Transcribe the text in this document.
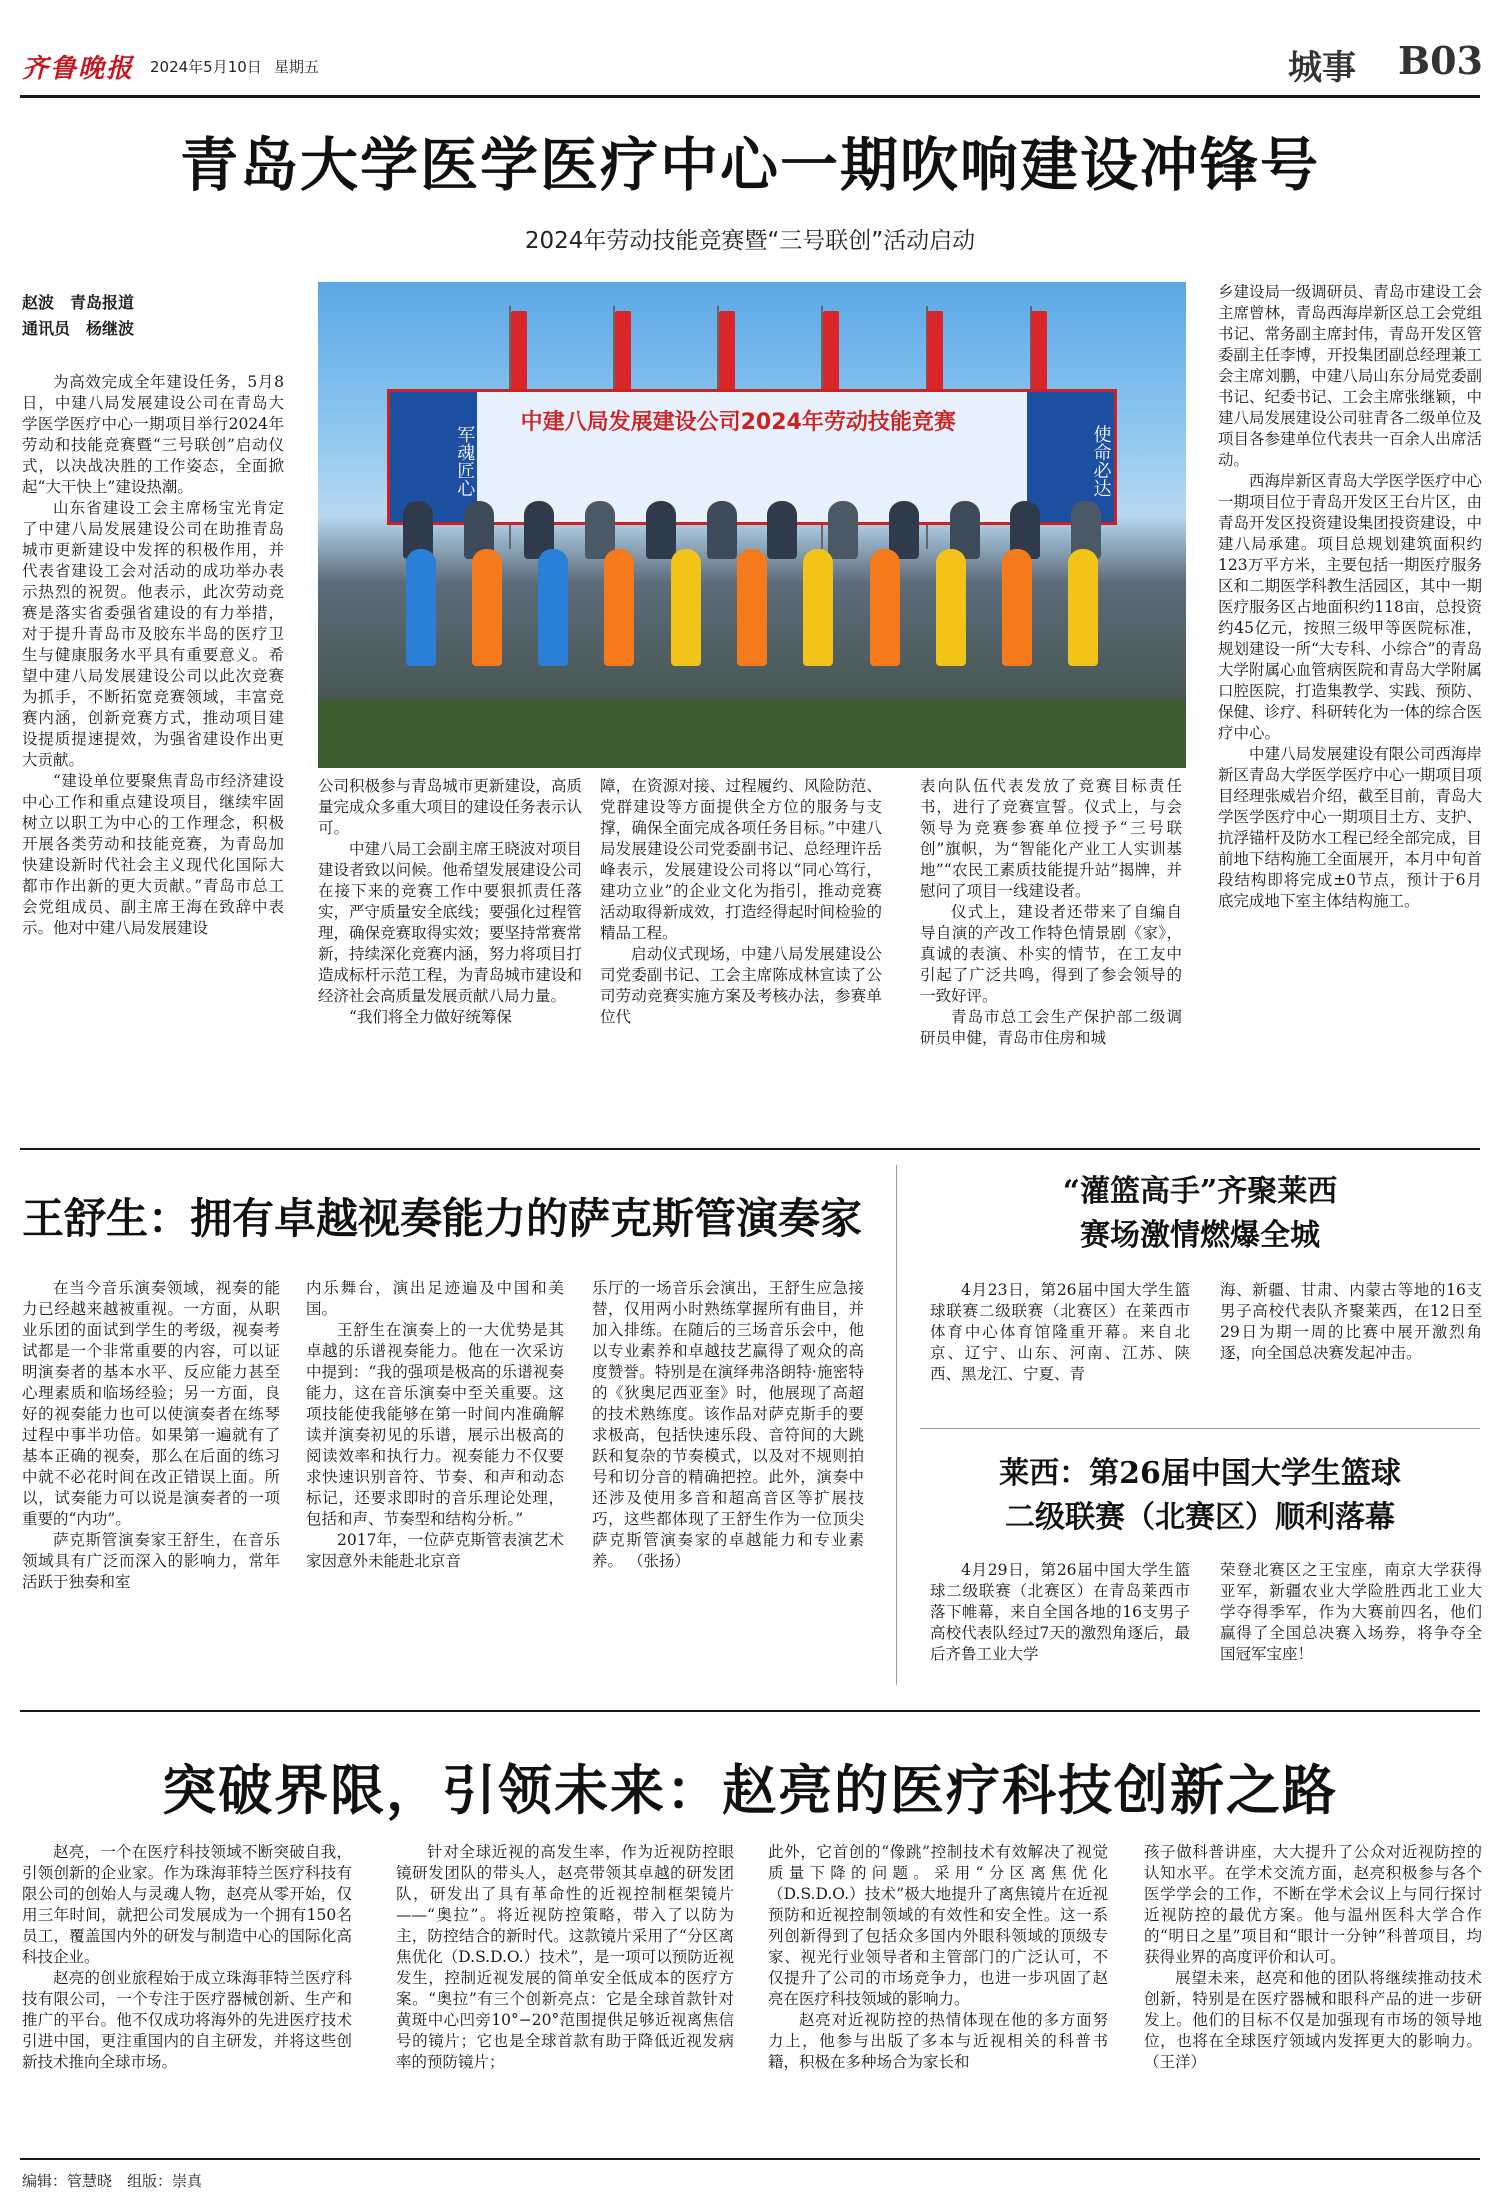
齐鲁晚报 2024年5月10日 星期五	城事 B03
青岛大学医学医疗中心一期吹响建设冲锋号
2024年劳动技能竞赛暨“三号联创”活动启动
赵波　青岛报道
通讯员　杨继波
军魂匠心
中建八局发展建设公司2024年劳动技能竞赛
使命必达

为高效完成全年建设任务，5月8日，中建八局发展建设公司在青岛大学医学医疗中心一期项目举行2024年劳动和技能竞赛暨“三号联创”启动仪式，以决战决胜的工作姿态，全面掀起“大干快上”建设热潮。

山东省建设工会主席杨宝光肯定了中建八局发展建设公司在助推青岛城市更新建设中发挥的积极作用，并代表省建设工会对活动的成功举办表示热烈的祝贺。他表示，此次劳动竞赛是落实省委强省建设的有力举措，对于提升青岛市及胶东半岛的医疗卫生与健康服务水平具有重要意义。希望中建八局发展建设公司以此次竞赛为抓手，不断拓宽竞赛领域，丰富竞赛内涵，创新竞赛方式，推动项目建设提质提速提效，为强省建设作出更大贡献。

“建设单位要聚焦青岛市经济建设中心工作和重点建设项目，继续牢固树立以职工为中心的工作理念，积极开展各类劳动和技能竞赛，为青岛加快建设新时代社会主义现代化国际大都市作出新的更大贡献。”青岛市总工会党组成员、副主席王海在致辞中表示。他对中建八局发展建设

公司积极参与青岛城市更新建设，高质量完成众多重大项目的建设任务表示认可。

中建八局工会副主席王晓波对项目建设者致以问候。他希望发展建设公司在接下来的竞赛工作中要狠抓责任落实，严守质量安全底线；要强化过程管理，确保竞赛取得实效；要坚持常赛常新，持续深化竞赛内涵，努力将项目打造成标杆示范工程，为青岛城市建设和经济社会高质量发展贡献八局力量。

“我们将全力做好统筹保

障，在资源对接、过程履约、风险防范、党群建设等方面提供全方位的服务与支撑，确保全面完成各项任务目标。”中建八局发展建设公司党委副书记、总经理许岳峰表示，发展建设公司将以“同心笃行，建功立业”的企业文化为指引，推动竞赛活动取得新成效，打造经得起时间检验的精品工程。

启动仪式现场，中建八局发展建设公司党委副书记、工会主席陈成林宣读了公司劳动竞赛实施方案及考核办法，参赛单位代

表向队伍代表发放了竞赛目标责任书，进行了竞赛宣誓。仪式上，与会领导为竞赛参赛单位授予“三号联创”旗帜，为“智能化产业工人实训基地”“农民工素质技能提升站”揭牌，并慰问了项目一线建设者。

仪式上，建设者还带来了自编自导自演的产改工作特色情景剧《家》，真诚的表演、朴实的情节，在工友中引起了广泛共鸣，得到了参会领导的一致好评。

青岛市总工会生产保护部二级调研员申健，青岛市住房和城

乡建设局一级调研员、青岛市建设工会主席曾林，青岛西海岸新区总工会党组书记、常务副主席封伟，青岛开发区管委副主任李博，开投集团副总经理兼工会主席刘鹏，中建八局山东分局党委副书记、纪委书记、工会主席张继颖，中建八局发展建设公司驻青各二级单位及项目各参建单位代表共一百余人出席活动。

西海岸新区青岛大学医学医疗中心一期项目位于青岛开发区王台片区，由青岛开发区投资建设集团投资建设，中建八局承建。项目总规划建筑面积约123万平方米，主要包括一期医疗服务区和二期医学科教生活园区，其中一期医疗服务区占地面积约118亩，总投资约45亿元，按照三级甲等医院标准，规划建设一所“大专科、小综合”的青岛大学附属心血管病医院和青岛大学附属口腔医院，打造集教学、实践、预防、保健、诊疗、科研转化为一体的综合医疗中心。

中建八局发展建设有限公司西海岸新区青岛大学医学医疗中心一期项目项目经理张威岩介绍，截至目前，青岛大学医学医疗中心一期项目土方、支护、抗浮锚杆及防水工程已经全部完成，目前地下结构施工全面展开，本月中旬首段结构即将完成±0节点，预计于6月底完成地下室主体结构施工。

王舒生：拥有卓越视奏能力的萨克斯管演奏家

在当今音乐演奏领域，视奏的能力已经越来越被重视。一方面，从职业乐团的面试到学生的考级，视奏考试都是一个非常重要的内容，可以证明演奏者的基本水平、反应能力甚至心理素质和临场经验；另一方面，良好的视奏能力也可以使演奏者在练琴过程中事半功倍。如果第一遍就有了基本正确的视奏，那么在后面的练习中就不必花时间在改正错误上面。所以，试奏能力可以说是演奏者的一项重要的“内功”。

萨克斯管演奏家王舒生，在音乐领域具有广泛而深入的影响力，常年活跃于独奏和室

内乐舞台，演出足迹遍及中国和美国。

王舒生在演奏上的一大优势是其卓越的乐谱视奏能力。他在一次采访中提到：“我的强项是极高的乐谱视奏能力，这在音乐演奏中至关重要。这项技能使我能够在第一时间内准确解读并演奏初见的乐谱，展示出极高的阅读效率和执行力。视奏能力不仅要求快速识别音符、节奏、和声和动态标记，还要求即时的音乐理论处理，包括和声、节奏型和结构分析。”

2017年，一位萨克斯管表演艺术家因意外未能赴北京音

乐厅的一场音乐会演出，王舒生应急接替，仅用两小时熟练掌握所有曲目，并加入排练。在随后的三场音乐会中，他以专业素养和卓越技艺赢得了观众的高度赞誉。特别是在演绎弗洛朗特·施密特的《狄奥尼西亚奎》时，他展现了高超的技术熟练度。该作品对萨克斯手的要求极高，包括快速乐段、音符间的大跳跃和复杂的节奏模式，以及对不规则拍号和切分音的精确把控。此外，演奏中还涉及使用多音和超高音区等扩展技巧，这些都体现了王舒生作为一位顶尖萨克斯管演奏家的卓越能力和专业素养。 （张扬）

“灌篮高手”齐聚莱西
赛场激情燃爆全城

4月23日，第26届中国大学生篮球联赛二级联赛（北赛区）在莱西市体育中心体育馆隆重开幕。来自北京、辽宁、山东、河南、江苏、陕西、黑龙江、宁夏、青

海、新疆、甘肃、内蒙古等地的16支男子高校代表队齐聚莱西，在12日至29日为期一周的比赛中展开激烈角逐，向全国总决赛发起冲击。

莱西：第26届中国大学生篮球
二级联赛（北赛区）顺利落幕

4月29日，第26届中国大学生篮球二级联赛（北赛区）在青岛莱西市落下帷幕，来自全国各地的16支男子高校代表队经过7天的激烈角逐后，最后齐鲁工业大学

荣登北赛区之王宝座，南京大学获得亚军，新疆农业大学险胜西北工业大学夺得季军，作为大赛前四名，他们赢得了全国总决赛入场券，将争夺全国冠军宝座！

突破界限，引领未来：赵亮的医疗科技创新之路

赵亮，一个在医疗科技领域不断突破自我，引领创新的企业家。作为珠海菲特兰医疗科技有限公司的创始人与灵魂人物，赵亮从零开始，仅用三年时间，就把公司发展成为一个拥有150名员工，覆盖国内外的研发与制造中心的国际化高科技企业。

赵亮的创业旅程始于成立珠海菲特兰医疗科技有限公司，一个专注于医疗器械创新、生产和推广的平台。他不仅成功将海外的先进医疗技术引进中国，更注重国内的自主研发，并将这些创新技术推向全球市场。

针对全球近视的高发生率，作为近视防控眼镜研发团队的带头人，赵亮带领其卓越的研发团队，研发出了具有革命性的近视控制框架镜片——“奥拉”。将近视防控策略，带入了以防为主，防控结合的新时代。这款镜片采用了“分区离焦优化（D.S.D.O.）技术”，是一项可以预防近视发生，控制近视发展的简单安全低成本的医疗方案。“奥拉”有三个创新亮点：它是全球首款针对黄斑中心凹旁10°−20°范围提供足够近视离焦信号的镜片；它也是全球首款有助于降低近视发病率的预防镜片；

此外，它首创的“像跳”控制技术有效解决了视觉质量下降的问题。采用“分区离焦优化（D.S.D.O.）技术”极大地提升了离焦镜片在近视预防和近视控制领域的有效性和安全性。这一系列创新得到了包括众多国内外眼科领域的顶级专家、视光行业领导者和主管部门的广泛认可，不仅提升了公司的市场竞争力，也进一步巩固了赵亮在医疗科技领域的影响力。

赵亮对近视防控的热情体现在他的多方面努力上，他参与出版了多本与近视相关的科普书籍，积极在多种场合为家长和

孩子做科普讲座，大大提升了公众对近视防控的认知水平。在学术交流方面，赵亮积极参与各个医学学会的工作，不断在学术会议上与同行探讨近视防控的最优方案。他与温州医科大学合作的“明日之星”项目和“眼计一分钟”科普项目，均获得业界的高度评价和认可。

展望未来，赵亮和他的团队将继续推动技术创新，特别是在医疗器械和眼科产品的进一步研发上。他们的目标不仅是加强现有市场的领导地位，也将在全球医疗领域内发挥更大的影响力。 （王洋）

编辑：管慧晓　组版：崇真
